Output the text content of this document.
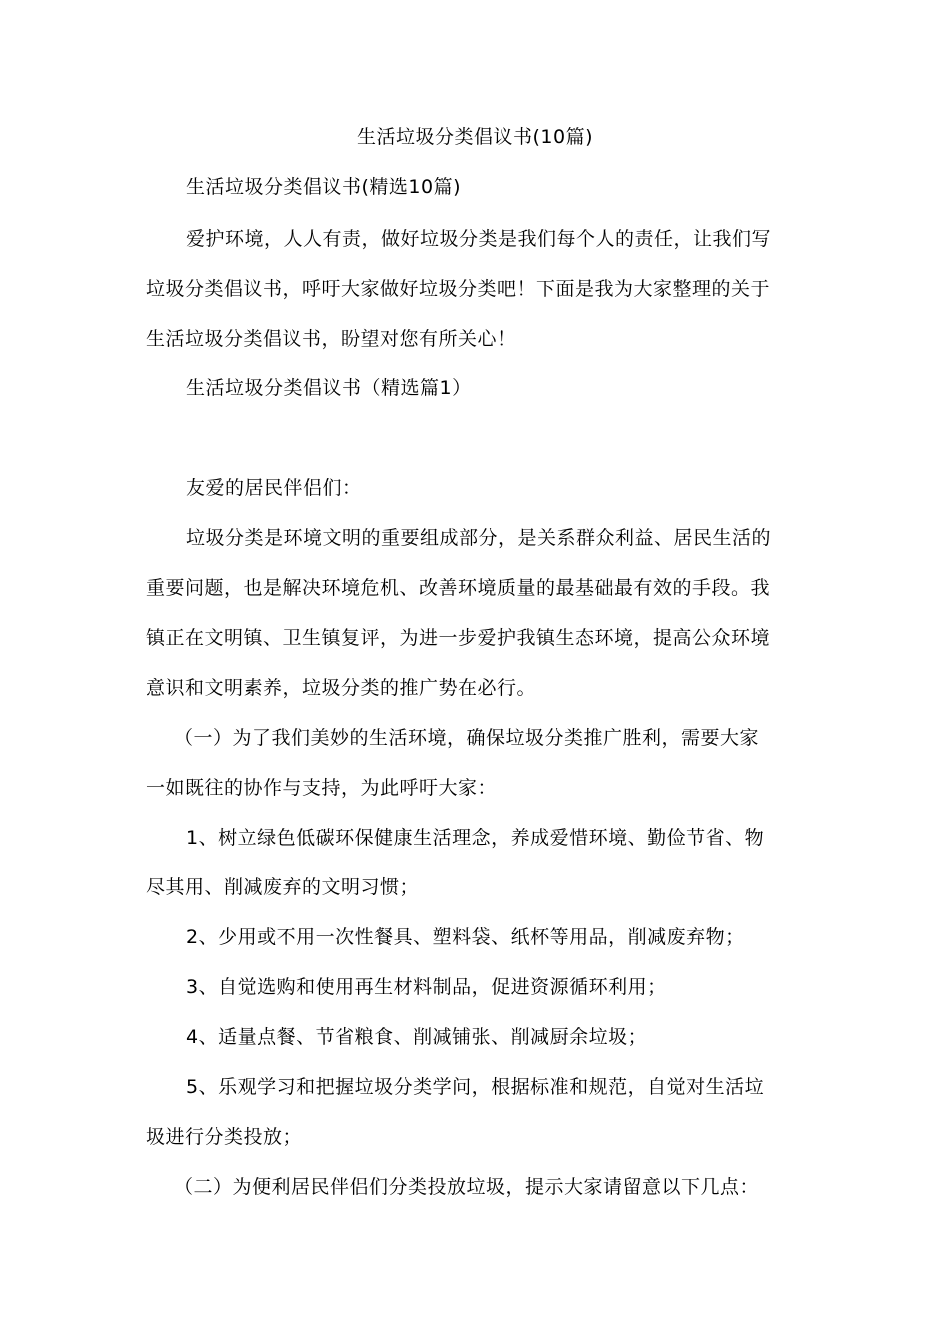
生活垃圾分类倡议书(10篇)

生活垃圾分类倡议书(精选10篇)

爱护环境，人人有责，做好垃圾分类是我们每个人的责任，让我们写

垃圾分类倡议书，呼吁大家做好垃圾分类吧！下面是我为大家整理的关于

生活垃圾分类倡议书，盼望对您有所关心！

生活垃圾分类倡议书（精选篇1）

友爱的居民伴侣们：

垃圾分类是环境文明的重要组成部分，是关系群众利益、居民生活的

重要问题，也是解决环境危机、改善环境质量的最基础最有效的手段。我

镇正在文明镇、卫生镇复评，为进一步爱护我镇生态环境，提高公众环境

意识和文明素养，垃圾分类的推广势在必行。

（一）为了我们美妙的生活环境，确保垃圾分类推广胜利，需要大家

一如既往的协作与支持，为此呼吁大家：

1、树立绿色低碳环保健康生活理念，养成爱惜环境、勤俭节省、物

尽其用、削减废弃的文明习惯；

2、少用或不用一次性餐具、塑料袋、纸杯等用品，削减废弃物；

3、自觉选购和使用再生材料制品，促进资源循环利用；

4、适量点餐、节省粮食、削减铺张、削减厨余垃圾；

5、乐观学习和把握垃圾分类学问，根据标准和规范，自觉对生活垃

圾进行分类投放；

（二）为便利居民伴侣们分类投放垃圾，提示大家请留意以下几点：
